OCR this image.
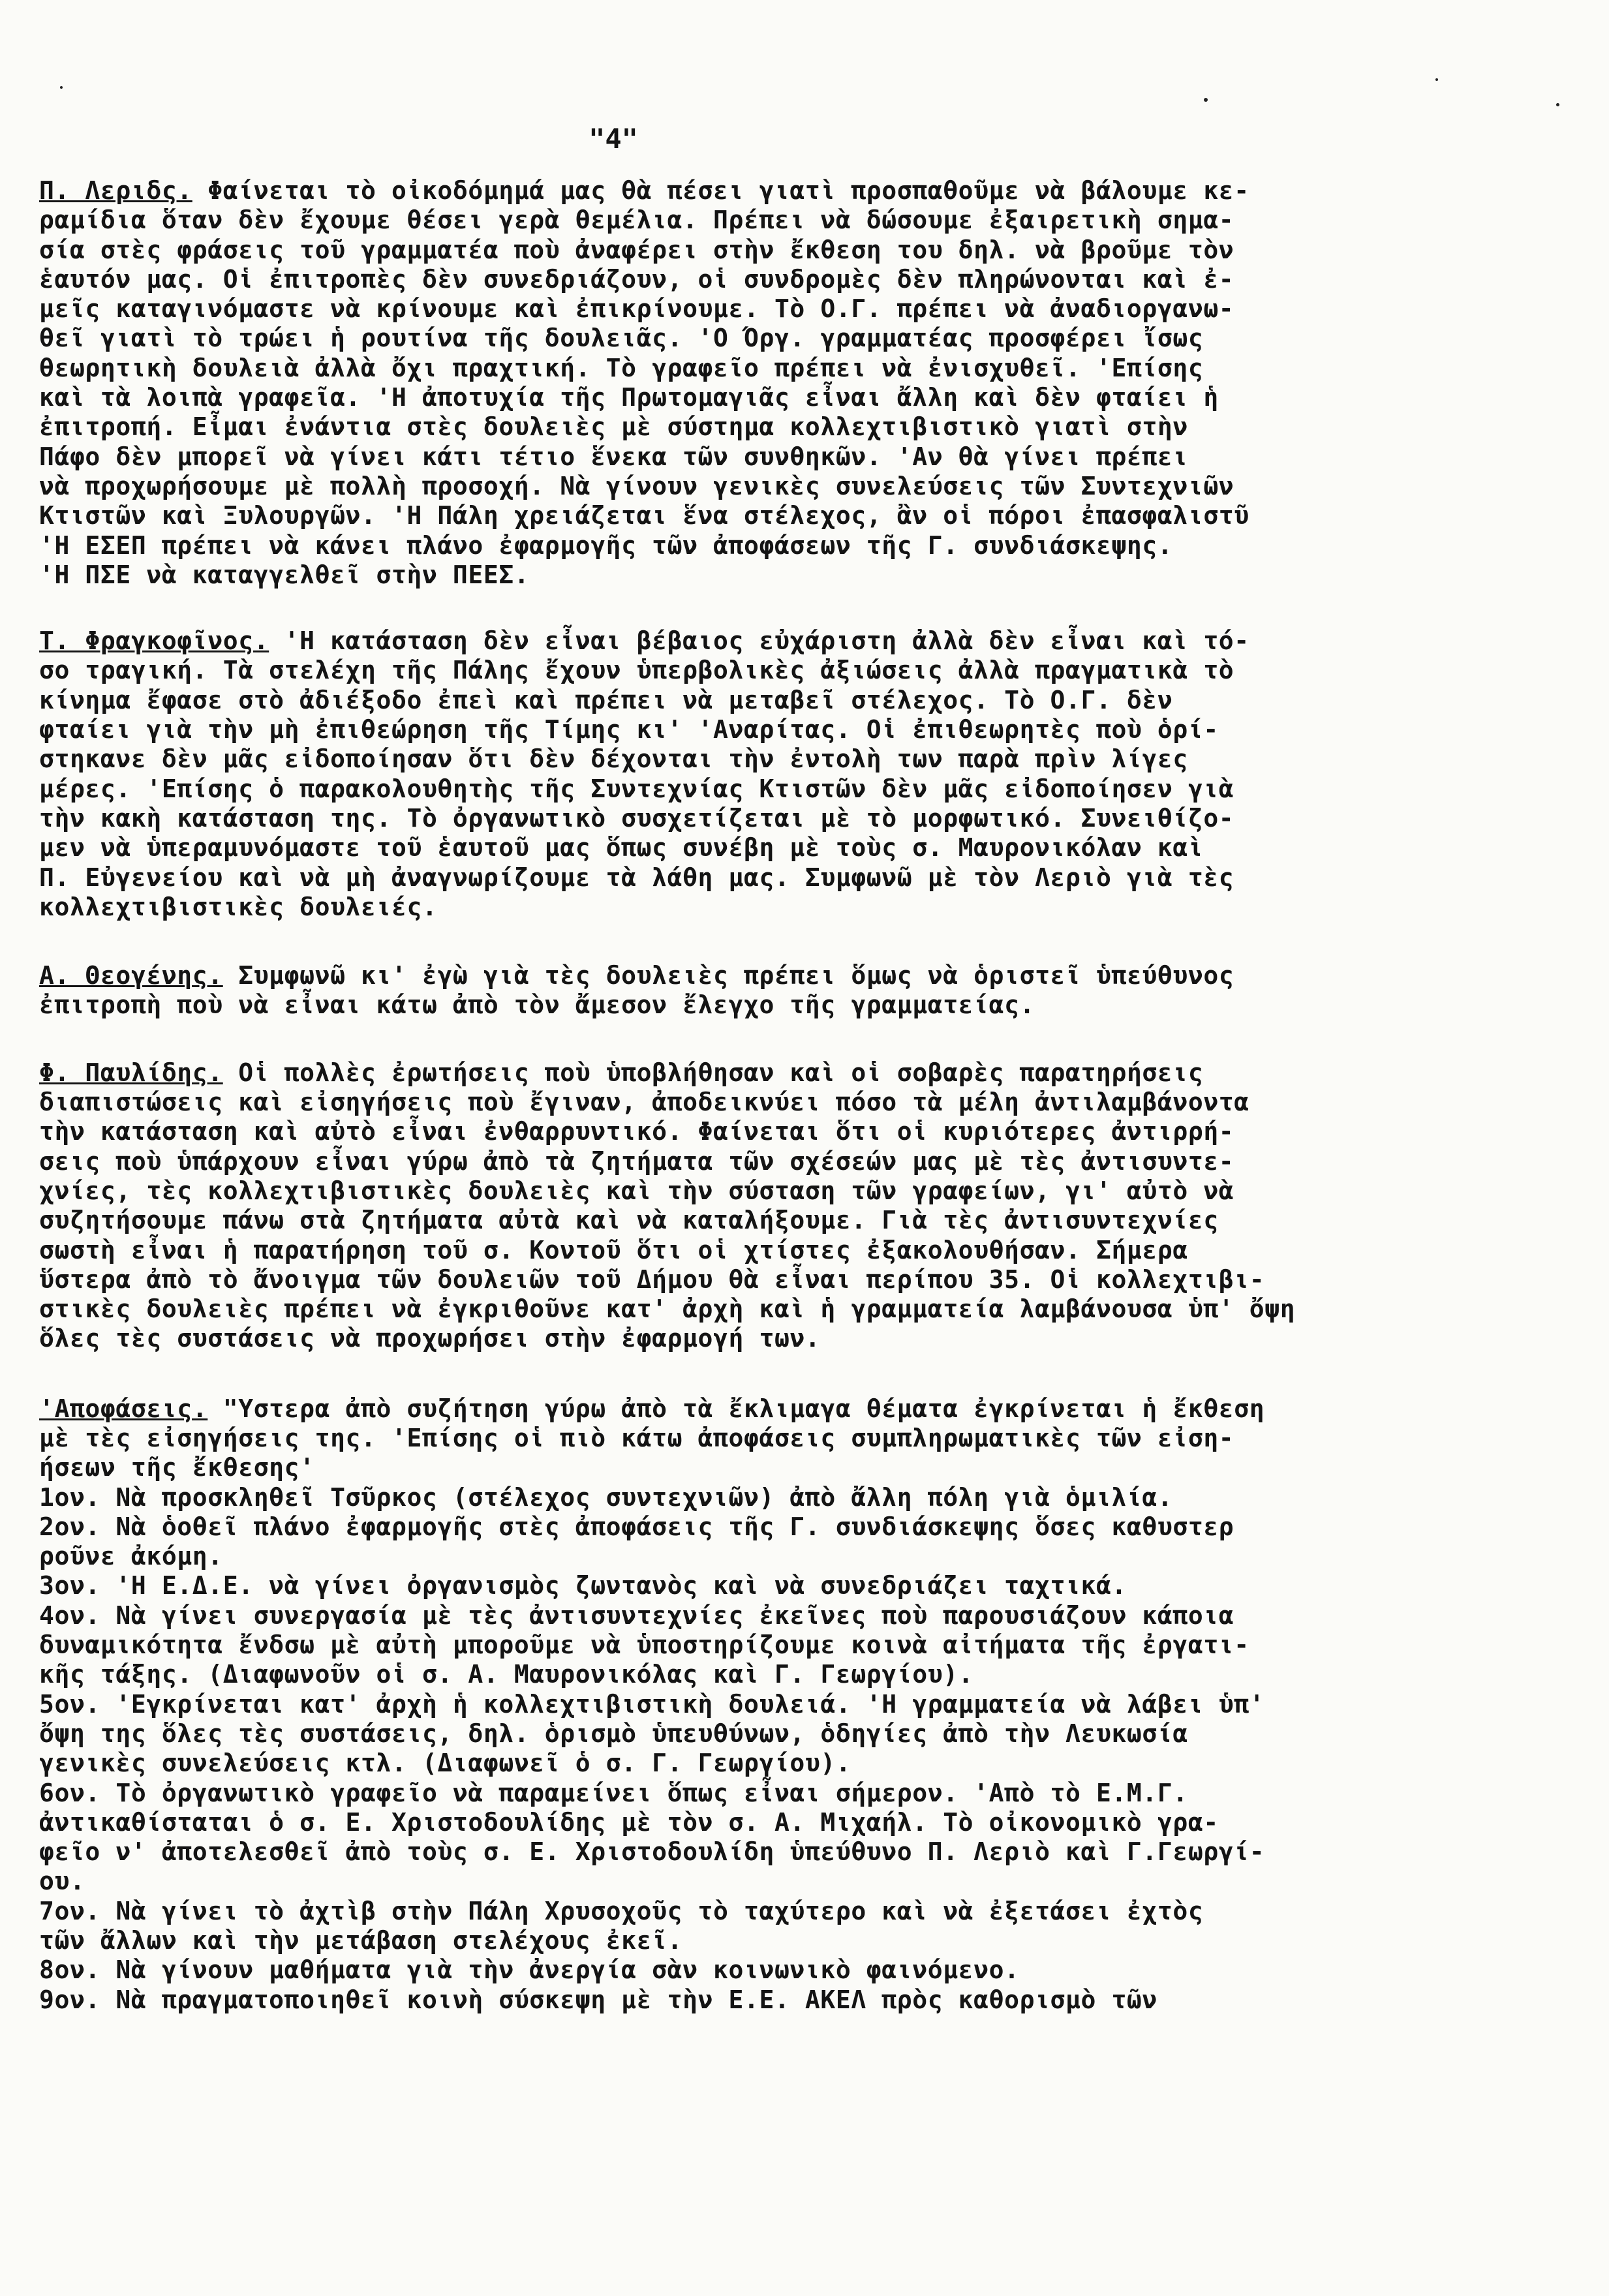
"4"
Π. Λεριδς. Φαίνεται τὸ οἰκοδόμημά μας θὰ πέσει γιατὶ προσπαθοῦμε νὰ βάλουμε κε-
ραμίδια ὅταν δὲν ἔχουμε θέσει γερὰ θεμέλια. Πρέπει νὰ δώσουμε ἐξαιρετικὴ σημα-
σία στὲς φράσεις τοῦ γραμματέα ποὺ ἀναφέρει στὴν ἔκθεση του δηλ. νὰ βροῦμε τὸν
ἑαυτόν μας. Οἱ ἐπιτροπὲς δὲν συνεδριάζουν, οἱ συνδρομὲς δὲν πληρώνονται καὶ ἐ-
μεῖς καταγινόμαστε νὰ κρίνουμε καὶ ἐπικρίνουμε. Τὸ Ο.Γ. πρέπει νὰ ἀναδιοργανω-
θεῖ γιατὶ τὸ τρώει ἡ ρουτίνα τῆς δουλειᾶς. 'Ο Όργ. γραμματέας προσφέρει ἴσως
θεωρητικὴ δουλειὰ ἀλλὰ ὄχι πραχτική. Τὸ γραφεῖο πρέπει νὰ ἐνισχυθεῖ. 'Επίσης
καὶ τὰ λοιπὰ γραφεῖα. 'Η ἀποτυχία τῆς Πρωτομαγιᾶς εἶναι ἄλλη καὶ δὲν φταίει ἡ
ἐπιτροπή. Εἶμαι ἐνάντια στὲς δουλειὲς μὲ σύστημα κολλεχτιβιστικὸ γιατὶ στὴν
Πάφο δὲν μπορεῖ νὰ γίνει κάτι τέτιο ἕνεκα τῶν συνθηκῶν. 'Αν θὰ γίνει πρέπει
νὰ προχωρήσουμε μὲ πολλὴ προσοχή. Νὰ γίνουν γενικὲς συνελεύσεις τῶν Συντεχνιῶν
Κτιστῶν καὶ Ξυλουργῶν. 'Η Πάλη χρειάζεται ἕνα στέλεχος, ἂν οἱ πόροι ἐπασφαλιστῦ
'Η ΕΣΕΠ πρέπει νὰ κάνει πλάνο ἐφαρμογῆς τῶν ἀποφάσεων τῆς Γ. συνδιάσκεψης.
'Η ΠΣΕ νὰ καταγγελθεῖ στὴν ΠΕΕΣ.
Τ. Φραγκοφῖνος. 'Η κατάσταση δὲν εἶναι βέβαιος εὐχάριστη ἀλλὰ δὲν εἶναι καὶ τό-
σο τραγική. Τὰ στελέχη τῆς Πάλης ἔχουν ὑπερβολικὲς ἀξιώσεις ἀλλὰ πραγματικὰ τὸ
κίνημα ἔφασε στὸ ἀδιέξοδο ἐπεὶ καὶ πρέπει νὰ μεταβεῖ στέλεχος. Τὸ Ο.Γ. δὲν
φταίει γιὰ τὴν μὴ ἐπιθεώρηση τῆς Τίμης κι' 'Αναρίτας. Οἱ ἐπιθεωρητὲς ποὺ ὁρί-
στηκανε δὲν μᾶς εἰδοποίησαν ὅτι δὲν δέχονται τὴν ἐντολὴ των παρὰ πρὶν λίγες
μέρες. 'Επίσης ὁ παρακολουθητὴς τῆς Συντεχνίας Κτιστῶν δὲν μᾶς εἰδοποίησεν γιὰ
τὴν κακὴ κατάσταση της. Τὸ ὀργανωτικὸ συσχετίζεται μὲ τὸ μορφωτικό. Συνειθίζο-
μεν νὰ ὑπεραμυνόμαστε τοῦ ἑαυτοῦ μας ὅπως συνέβη μὲ τοὺς σ. Μαυρονικόλαν καὶ
Π. Εὐγενείου καὶ νὰ μὴ ἀναγνωρίζουμε τὰ λάθη μας. Συμφωνῶ μὲ τὸν Λεριὸ γιὰ τὲς
κολλεχτιβιστικὲς δουλειές.
Α. Θεογένης. Συμφωνῶ κι' ἐγὼ γιὰ τὲς δουλειὲς πρέπει ὅμως νὰ ὁριστεῖ ὑπεύθυνος
ἐπιτροπὴ ποὺ νὰ εἶναι κάτω ἀπὸ τὸν ἄμεσον ἔλεγχο τῆς γραμματείας.
Φ. Παυλίδης. Οἱ πολλὲς ἐρωτήσεις ποὺ ὑποβλήθησαν καὶ οἱ σοβαρὲς παρατηρήσεις
διαπιστώσεις καὶ εἰσηγήσεις ποὺ ἔγιναν, ἀποδεικνύει πόσο τὰ μέλη ἀντιλαμβάνοντα
τὴν κατάσταση καὶ αὐτὸ εἶναι ἐνθαρρυντικό. Φαίνεται ὅτι οἱ κυριότερες ἀντιρρή-
σεις ποὺ ὑπάρχουν εἶναι γύρω ἀπὸ τὰ ζητήματα τῶν σχέσεών μας μὲ τὲς ἀντισυντε-
χνίες, τὲς κολλεχτιβιστικὲς δουλειὲς καὶ τὴν σύσταση τῶν γραφείων, γι' αὐτὸ νὰ
συζητήσουμε πάνω στὰ ζητήματα αὐτὰ καὶ νὰ καταλήξουμε. Γιὰ τὲς ἀντισυντεχνίες
σωστὴ εἶναι ἡ παρατήρηση τοῦ σ. Κοντοῦ ὅτι οἱ χτίστες ἐξακολουθήσαν. Σήμερα
ὕστερα ἀπὸ τὸ ἄνοιγμα τῶν δουλειῶν τοῦ Δήμου θὰ εἶναι περίπου 35. Οἱ κολλεχτιβι-
στικὲς δουλειὲς πρέπει νὰ ἐγκριθοῦνε κατ' ἀρχὴ καὶ ἡ γραμματεία λαμβάνουσα ὑπ' ὄψη
ὅλες τὲς συστάσεις νὰ προχωρήσει στὴν ἐφαρμογή των.
'Αποφάσεις. "Υστερα ἀπὸ συζήτηση γύρω ἀπὸ τὰ ἔκλιμαγα θέματα ἐγκρίνεται ἡ ἔκθεση
μὲ τὲς εἰσηγήσεις της. 'Επίσης οἱ πιὸ κάτω ἀποφάσεις συμπληρωματικὲς τῶν εἰση-
ήσεων τῆς ἔκθεσης'
1ον. Νὰ προσκληθεῖ Τσῦρκος (στέλεχος συντεχνιῶν) ἀπὸ ἄλλη πόλη γιὰ ὁμιλία.
2ον. Νὰ ὁοθεῖ πλάνο ἐφαρμογῆς στὲς ἀποφάσεις τῆς Γ. συνδιάσκεψης ὅσες καθυστερ
ροῦνε ἀκόμη.
3ον. 'Η Ε.Δ.Ε. νὰ γίνει ὀργανισμὸς ζωντανὸς καὶ νὰ συνεδριάζει ταχτικά.
4ον. Νὰ γίνει συνεργασία μὲ τὲς ἀντισυντεχνίες ἐκεῖνες ποὺ παρουσιάζουν κάποια
δυναμικότητα ἔνδσω μὲ αὐτὴ μποροῦμε νὰ ὑποστηρίζουμε κοινὰ αἰτήματα τῆς ἐργατι-
κῆς τάξης. (Διαφωνοῦν οἱ σ. Α. Μαυρονικόλας καὶ Γ. Γεωργίου).
5ον. 'Εγκρίνεται κατ' ἀρχὴ ἡ κολλεχτιβιστικὴ δουλειά. 'Η γραμματεία νὰ λάβει ὑπ'
ὄψη της ὅλες τὲς συστάσεις, δηλ. ὁρισμὸ ὑπευθύνων, ὁδηγίες ἀπὸ τὴν Λευκωσία
γενικὲς συνελεύσεις κτλ. (Διαφωνεῖ ὁ σ. Γ. Γεωργίου).
6ον. Τὸ ὀργανωτικὸ γραφεῖο νὰ παραμείνει ὅπως εἶναι σήμερον. 'Απὸ τὸ Ε.Μ.Γ.
ἀντικαθίσταται ὁ σ. Ε. Χριστοδουλίδης μὲ τὸν σ. Α. Μιχαήλ. Τὸ οἰκονομικὸ γρα-
φεῖο ν' ἀποτελεσθεῖ ἀπὸ τοὺς σ. Ε. Χριστοδουλίδη ὑπεύθυνο Π. Λεριὸ καὶ Γ.Γεωργί-
ου.
7ον. Νὰ γίνει τὸ ἀχτὶβ στὴν Πάλη Χρυσοχοῦς τὸ ταχύτερο καὶ νὰ ἐξετάσει ἐχτὸς
τῶν ἄλλων καὶ τὴν μετάβαση στελέχους ἐκεῖ.
8ον. Νὰ γίνουν μαθήματα γιὰ τὴν ἀνεργία σὰν κοινωνικὸ φαινόμενο.
9ον. Νὰ πραγματοποιηθεῖ κοινὴ σύσκεψη μὲ τὴν Ε.Ε. ΑΚΕΛ πρὸς καθορισμὸ τῶν
